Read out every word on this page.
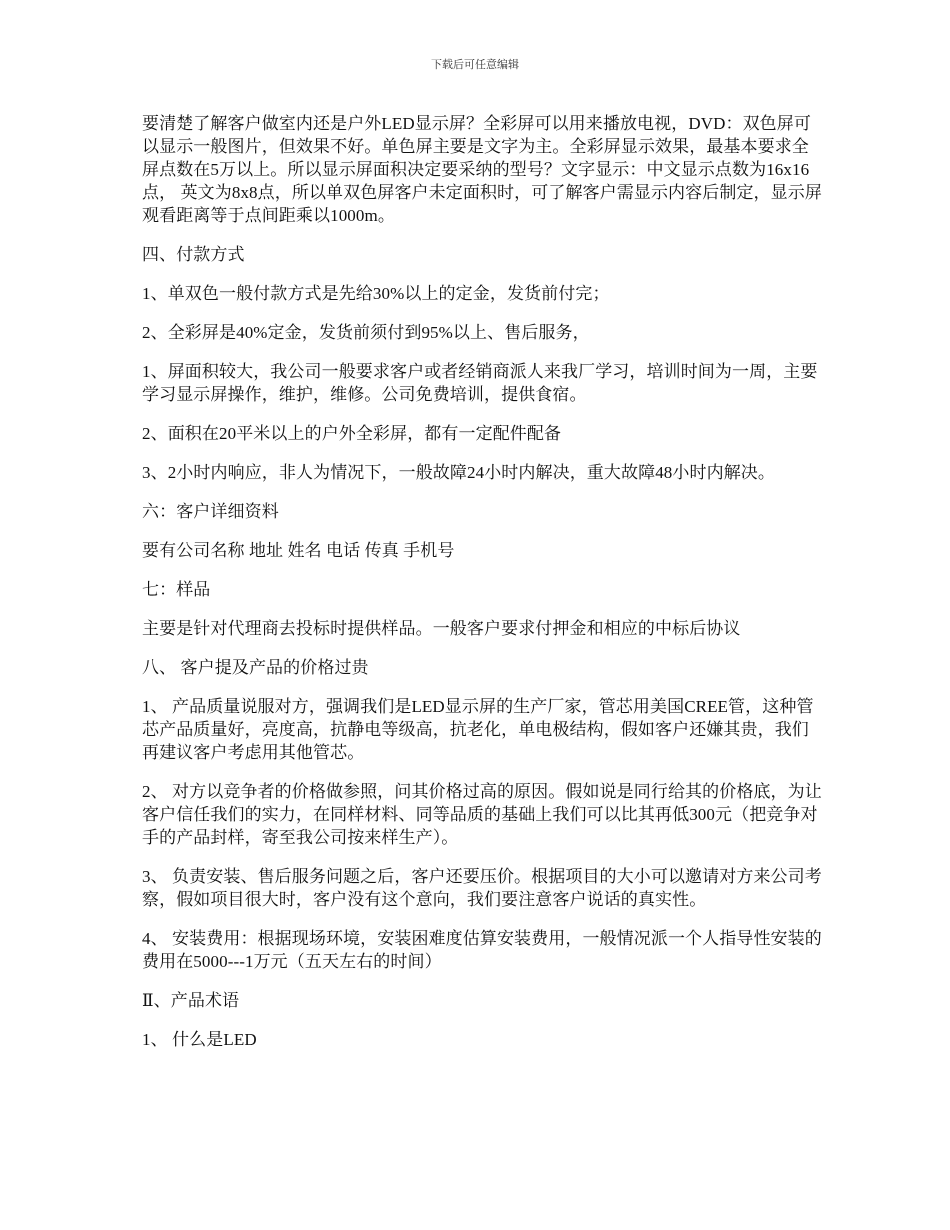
下载后可任意编辑

要清楚了解客户做室内还是户外LED显示屏？全彩屏可以用来播放电视，DVD：双色屏可以显示一般图片，但效果不好。单色屏主要是文字为主。全彩屏显示效果，最基本要求全屏点数在5万以上。所以显示屏面积决定要采纳的型号？文字显示：中文显示点数为16x16点， 英文为8x8点，所以单双色屏客户未定面积时，可了解客户需显示内容后制定，显示屏观看距离等于点间距乘以1000m。

四、付款方式

1、单双色一般付款方式是先给30%以上的定金，发货前付完；

2、全彩屏是40%定金，发货前须付到95%以上、售后服务，

1、屏面积较大，我公司一般要求客户或者经销商派人来我厂学习，培训时间为一周，主要学习显示屏操作，维护，维修。公司免费培训，提供食宿。

2、面积在20平米以上的户外全彩屏，都有一定配件配备

3、2小时内响应，非人为情况下，一般故障24小时内解决，重大故障48小时内解决。

六：客户详细资料

要有公司名称 地址 姓名 电话 传真 手机号

七：样品

主要是针对代理商去投标时提供样品。一般客户要求付押金和相应的中标后协议

八、 客户提及产品的价格过贵

1、 产品质量说服对方，强调我们是LED显示屏的生产厂家，管芯用美国CREE管，这种管芯产品质量好，亮度高，抗静电等级高，抗老化，单电极结构，假如客户还嫌其贵，我们再建议客户考虑用其他管芯。

2、 对方以竞争者的价格做参照，问其价格过高的原因。假如说是同行给其的价格底，为让客户信任我们的实力，在同样材料、同等品质的基础上我们可以比其再低300元（把竞争对手的产品封样，寄至我公司按来样生产）。

3、 负责安装、售后服务问题之后，客户还要压价。根据项目的大小可以邀请对方来公司考察，假如项目很大时，客户没有这个意向，我们要注意客户说话的真实性。

4、 安装费用：根据现场环境，安装困难度估算安装费用，一般情况派一个人指导性安装的费用在5000---1万元（五天左右的时间）

Ⅱ、产品术语

1、 什么是LED
